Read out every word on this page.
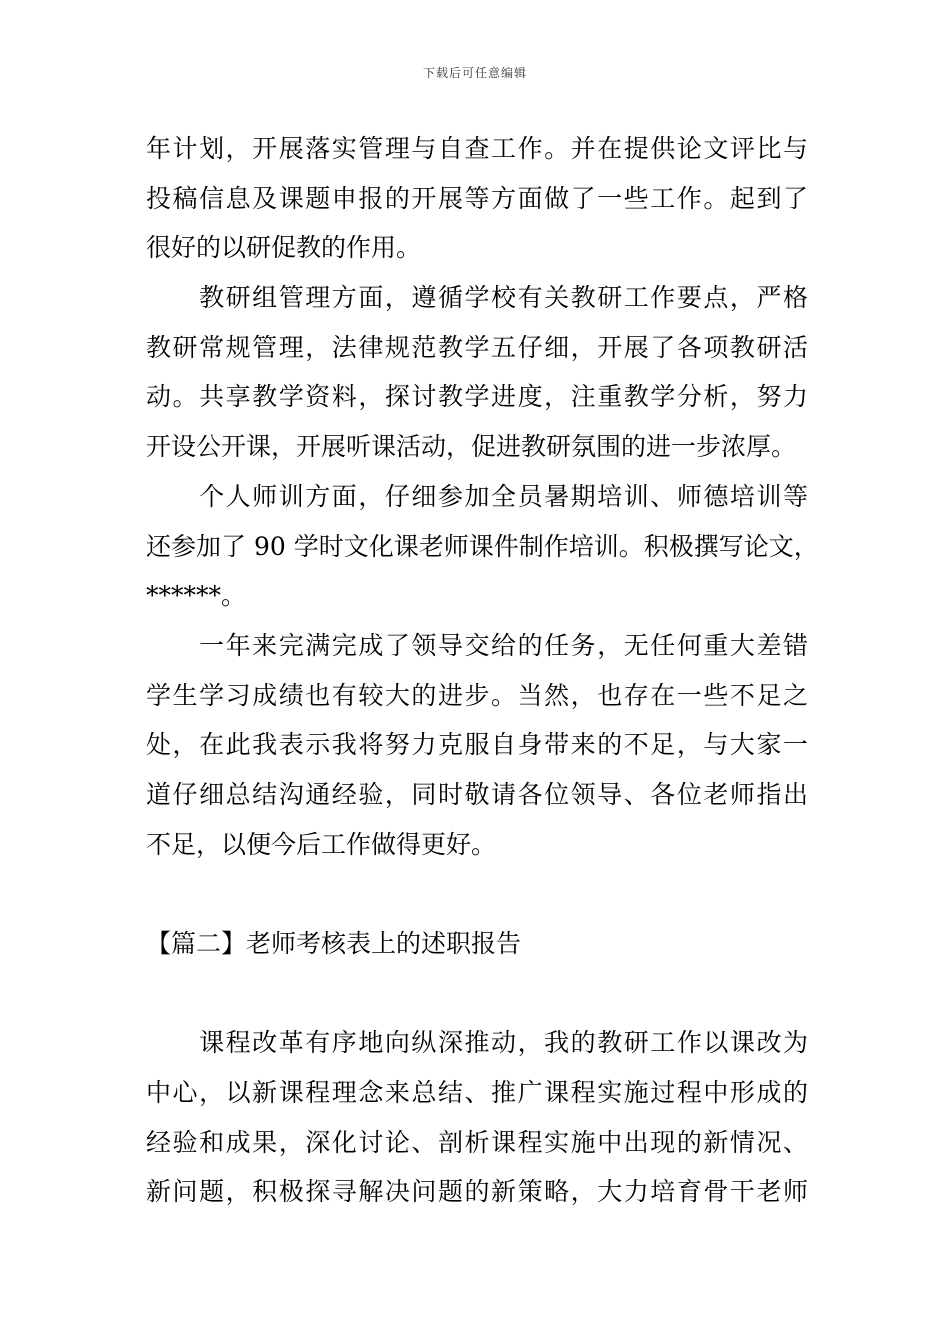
下载后可任意编辑
年计划，开展落实管理与自查工作。并在提供论文评比与
投稿信息及课题申报的开展等方面做了一些工作。起到了
很好的以研促教的作用。
　　教研组管理方面，遵循学校有关教研工作要点，严格
教研常规管理，法律规范教学五仔细，开展了各项教研活
动。共享教学资料，探讨教学进度，注重教学分析，努力
开设公开课，开展听课活动，促进教研氛围的进一步浓厚。
　　个人师训方面，仔细参加全员暑期培训、师德培训等
还参加了 90 学时文化课老师课件制作培训。积极撰写论文，
******。
　　一年来完满完成了领导交给的任务，无任何重大差错
学生学习成绩也有较大的进步。当然，也存在一些不足之
处，在此我表示我将努力克服自身带来的不足，与大家一
道仔细总结沟通经验，同时敬请各位领导、各位老师指出
不足，以便今后工作做得更好。
【篇二】老师考核表上的述职报告
　　课程改革有序地向纵深推动，我的教研工作以课改为
中心，以新课程理念来总结、推广课程实施过程中形成的
经验和成果，深化讨论、剖析课程实施中出现的新情况、
新问题，积极探寻解决问题的新策略，大力培育骨干老师
